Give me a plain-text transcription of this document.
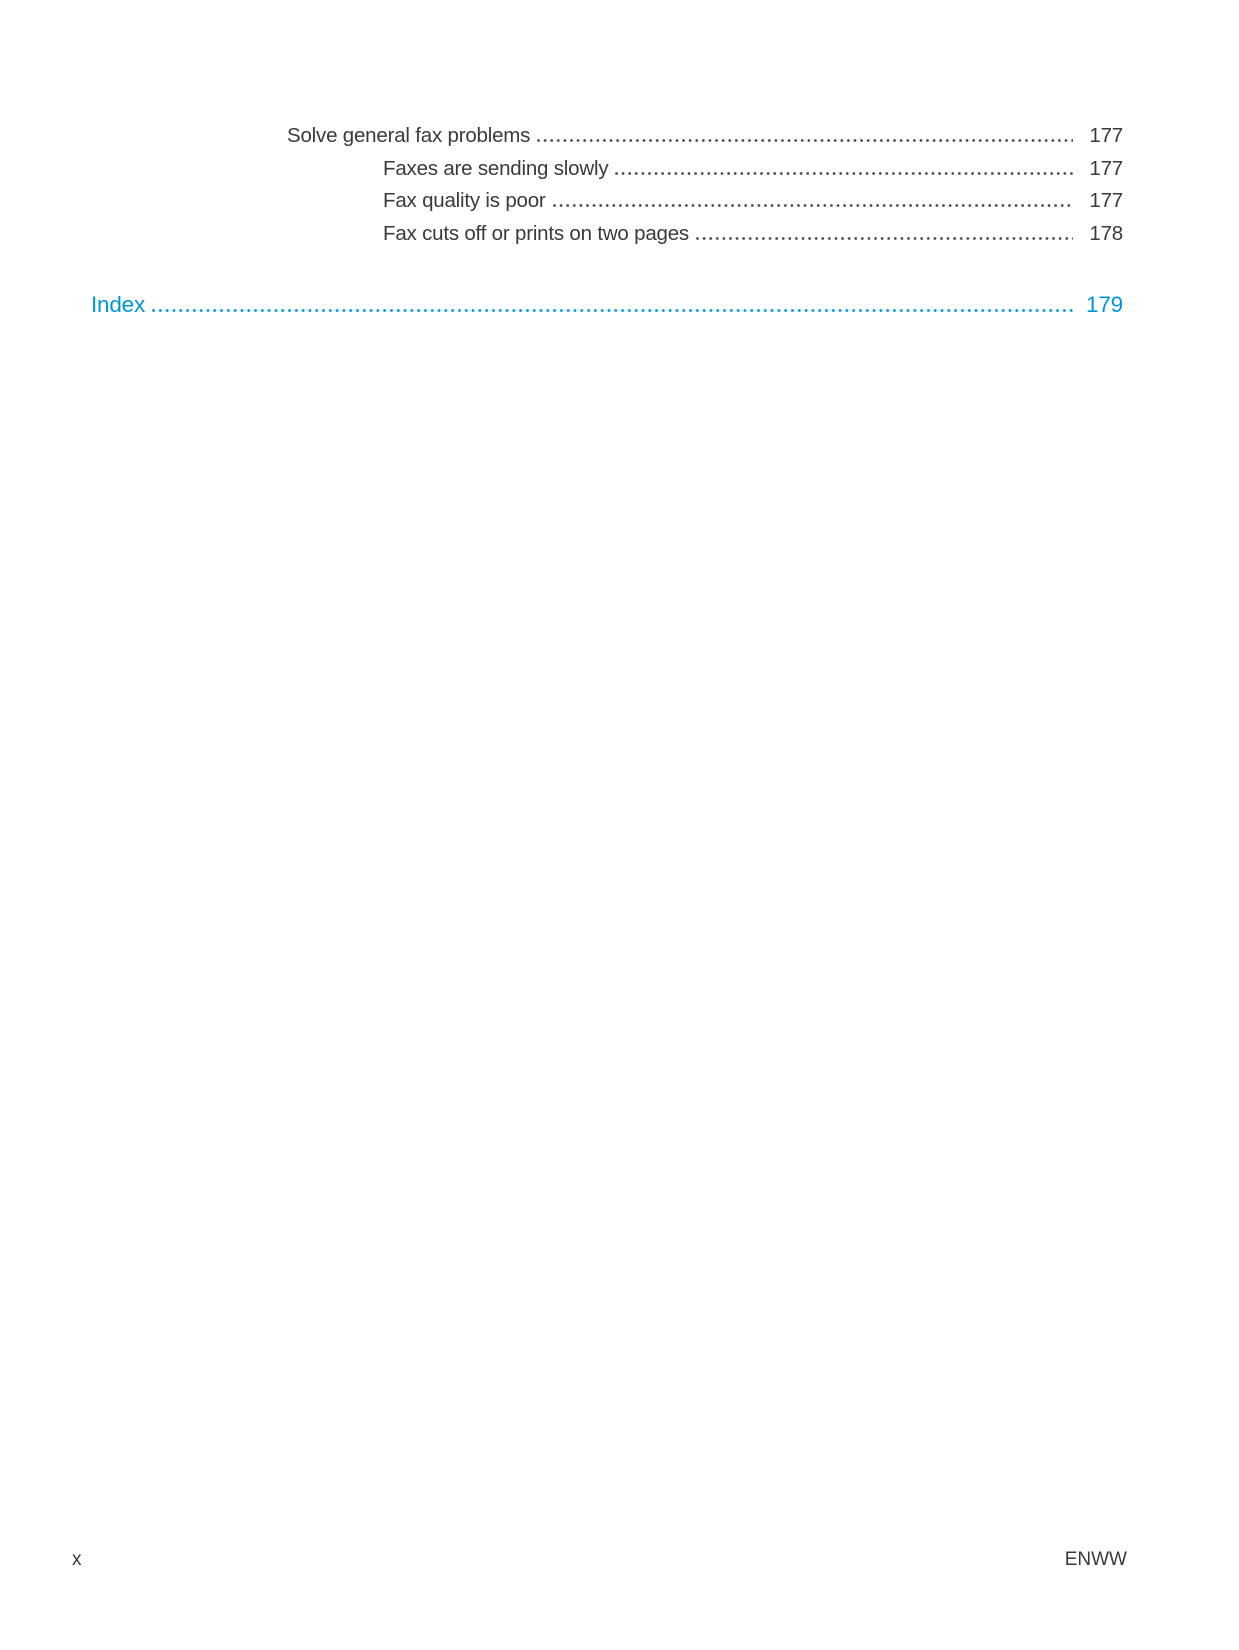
Solve general fax problems	177
Faxes are sending slowly	177
Fax quality is poor	177
Fax cuts off or prints on two pages	178
Index	179
x	ENWW
